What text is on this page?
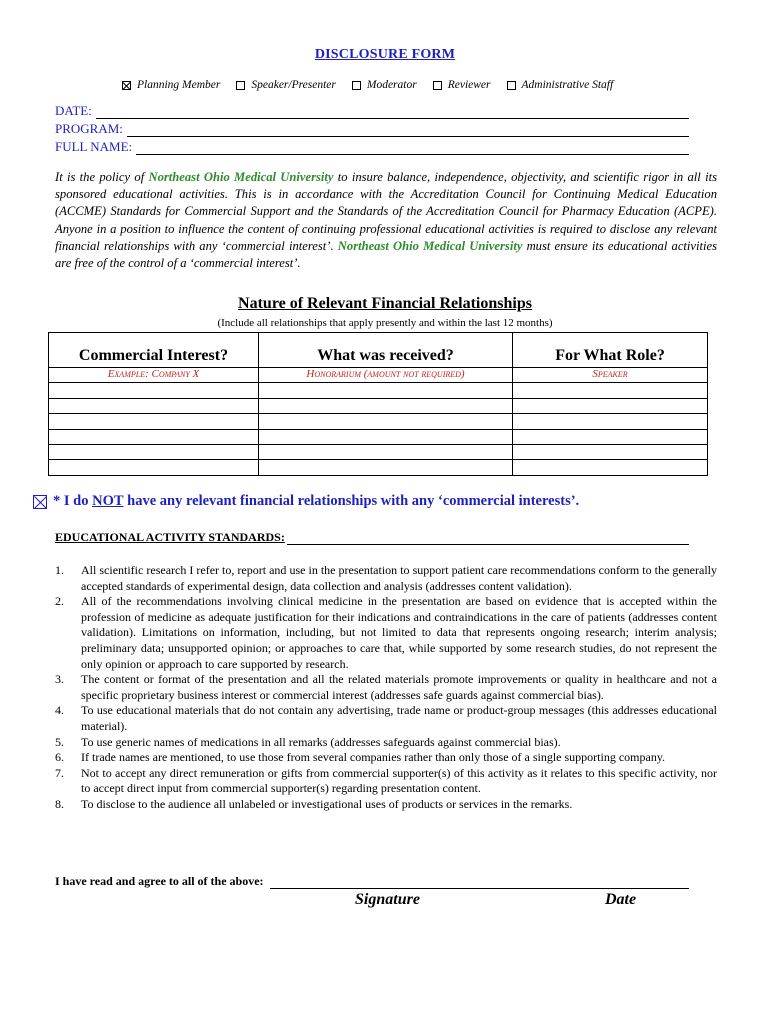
DISCLOSURE FORM
Planning Member	Speaker/Presenter	Moderator	Reviewer	Administrative Staff
DATE:
PROGRAM:
FULL NAME:
It is the policy of Northeast Ohio Medical University to insure balance, independence, objectivity, and scientific rigor in all its sponsored educational activities. This is in accordance with the Accreditation Council for Continuing Medical Education (ACCME) Standards for Commercial Support and the Standards of the Accreditation Council for Pharmacy Education (ACPE). Anyone in a position to influence the content of continuing professional educational activities is required to disclose any relevant financial relationships with any ‘commercial interest’. Northeast Ohio Medical University must ensure its educational activities are free of the control of a ‘commercial interest’.
Nature of Relevant Financial Relationships
(Include all relationships that apply presently and within the last 12 months)
Commercial Interest?	What was received?	For What Role?
Example: Company X	Honorarium (amount not required)	Speaker

* I do NOT have any relevant financial relationships with any ‘commercial interests’.
EDUCATIONAL ACTIVITY STANDARDS:
1.	All scientific research I refer to, report and use in the presentation to support patient care recommendations conform to the generally accepted standards of experimental design, data collection and analysis (addresses content validation).
2.	All of the recommendations involving clinical medicine in the presentation are based on evidence that is accepted within the profession of medicine as adequate justification for their indications and contraindications in the care of patients (addresses content validation). Limitations on information, including, but not limited to data that represents ongoing research; interim analysis; preliminary data; unsupported opinion; or approaches to care that, while supported by some research studies, do not represent the only opinion or approach to care supported by research.
3.	The content or format of the presentation and all the related materials promote improvements or quality in healthcare and not a specific proprietary business interest or commercial interest (addresses safe guards against commercial bias).
4.	To use educational materials that do not contain any advertising, trade name or product-group messages (this addresses educational material).
5.	To use generic names of medications in all remarks (addresses safeguards against commercial bias).
6.	If trade names are mentioned, to use those from several companies rather than only those of a single supporting company.
7.	Not to accept any direct remuneration or gifts from commercial supporter(s) of this activity as it relates to this specific activity, nor to accept direct input from commercial supporter(s) regarding presentation content.
8.	To disclose to the audience all unlabeled or investigational uses of products or services in the remarks.
I have read and agree to all of the above:
Signature	Date
